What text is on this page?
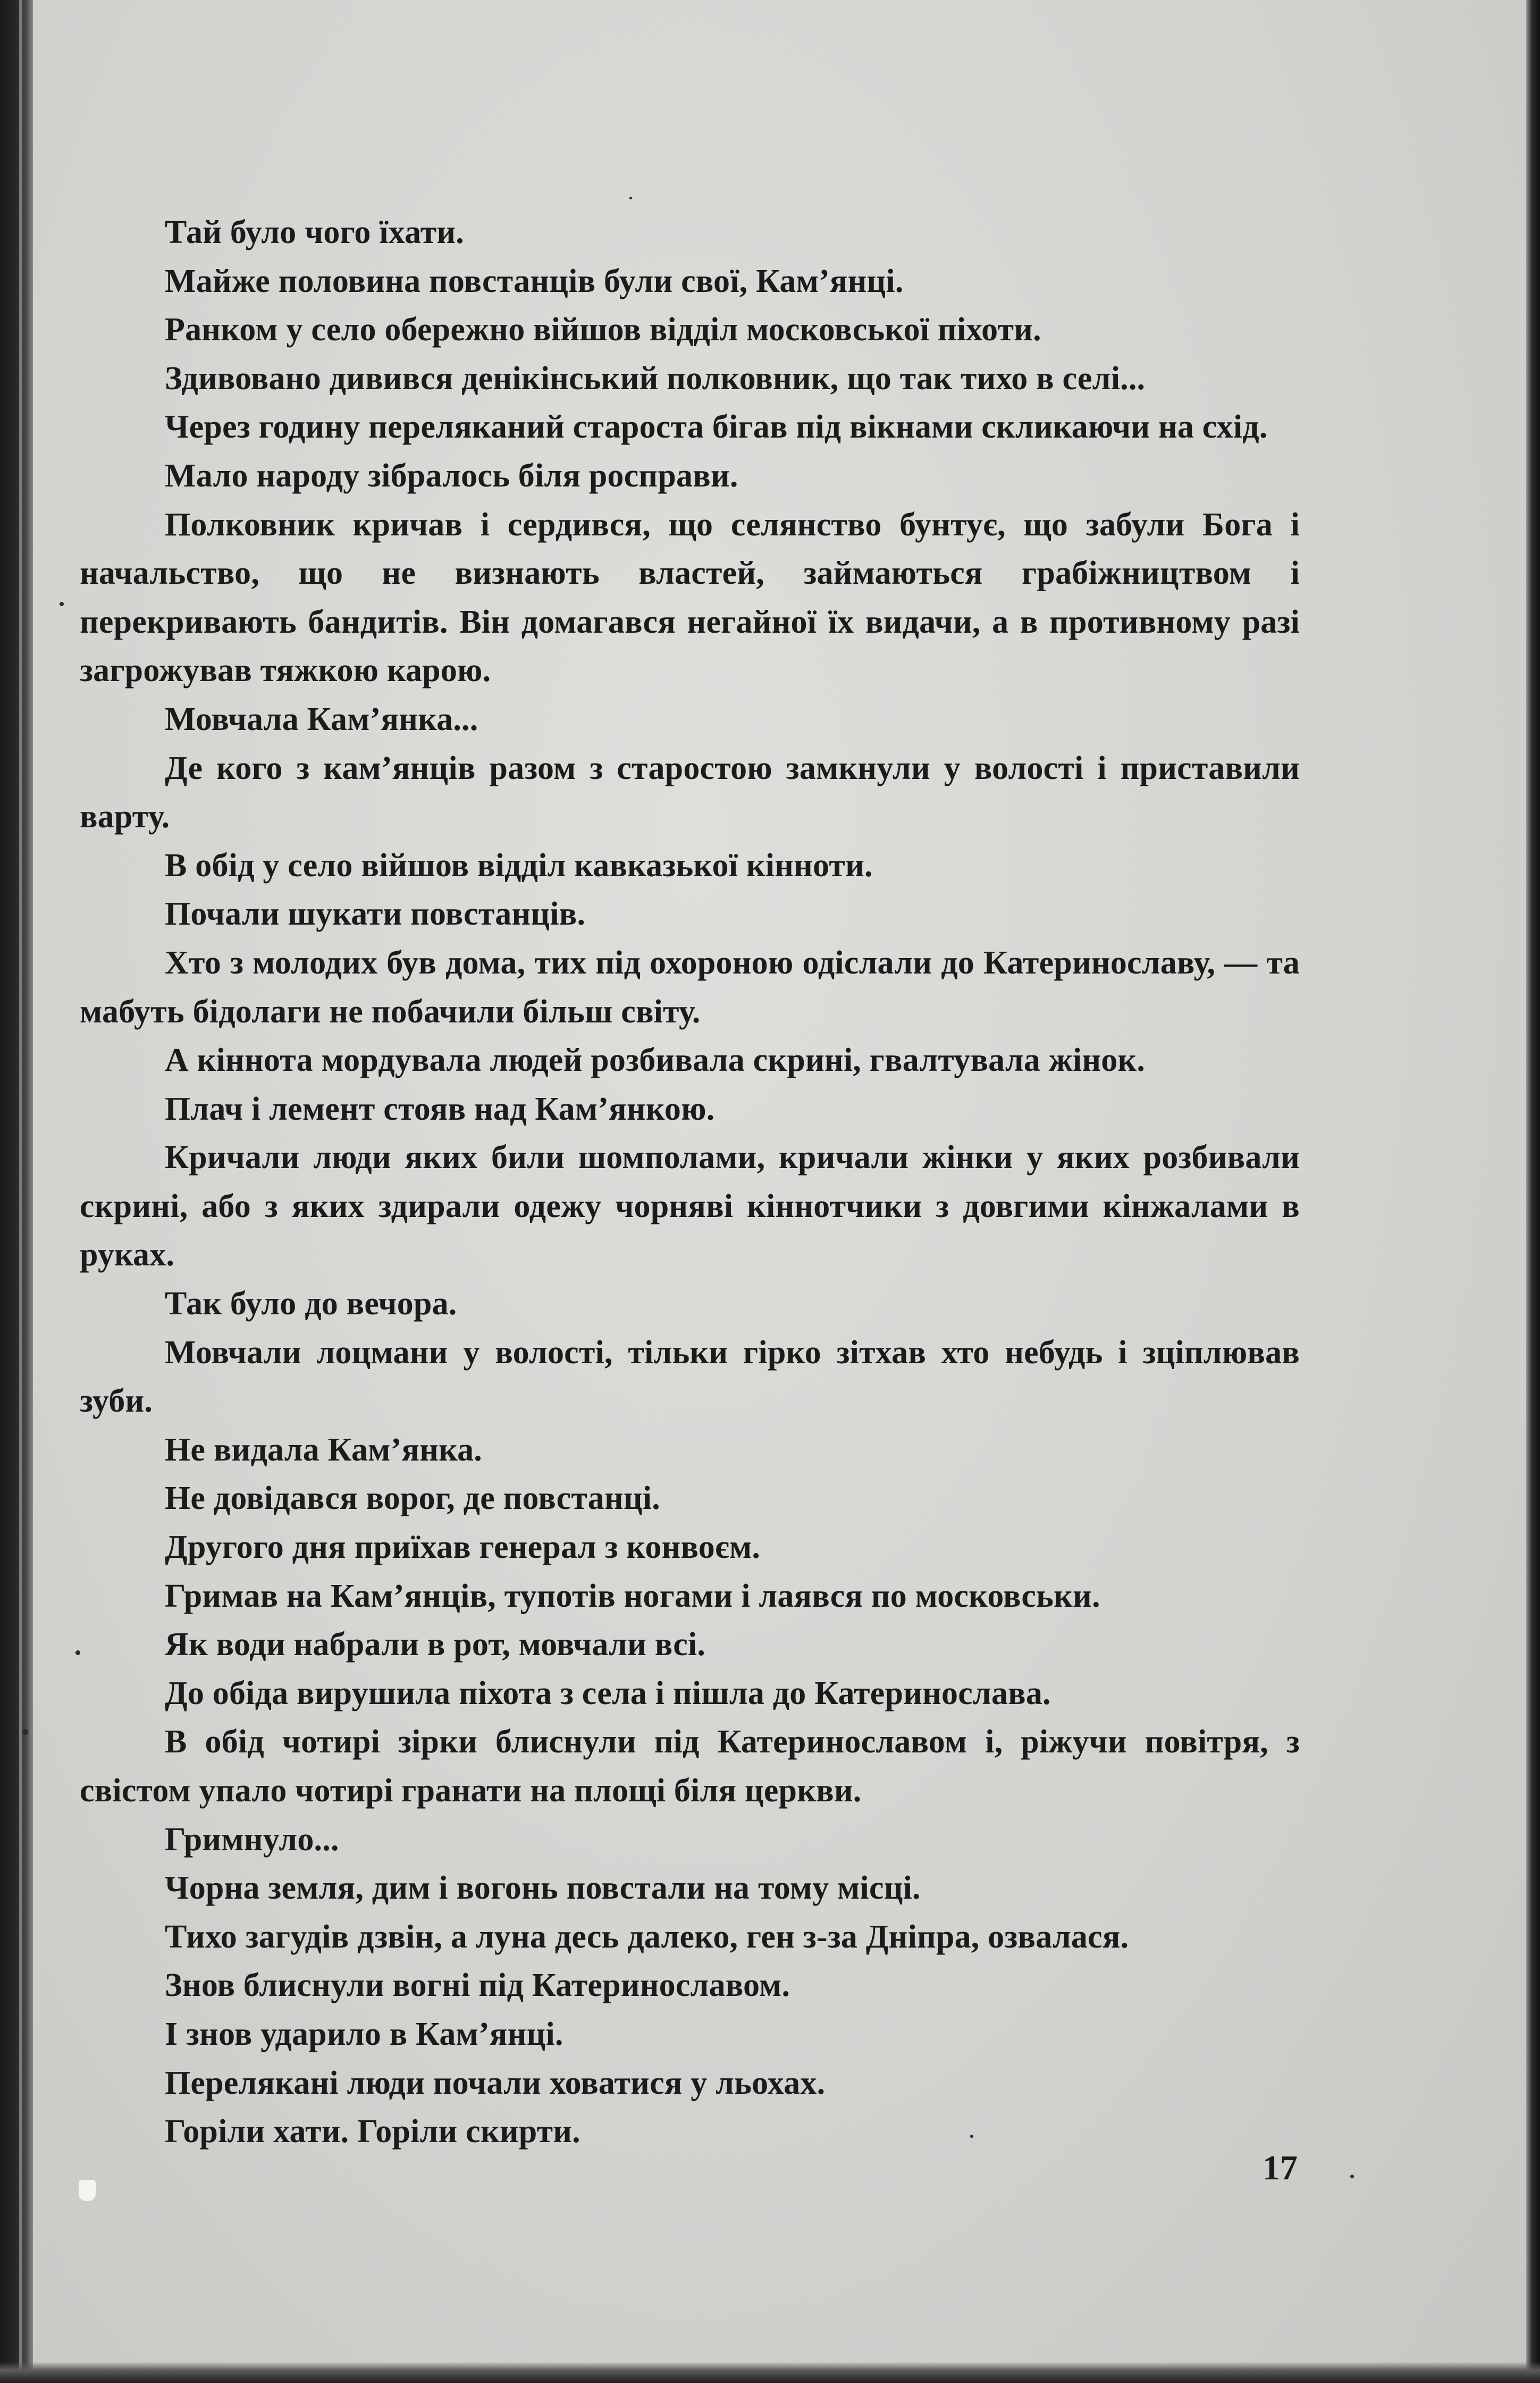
Тай було чого їхати.

Майже половина повстанців були свої, Кам’янці.

Ранком у село обережно війшов відділ московської піхоти.

Здивовано дивився денікінський полковник, що так тихо в селі...

Через годину переляканий староста бігав під вікнами скликаючи на схід.

Мало народу зібралось біля росправи.

Полковник кричав і сердився, що селянство бунтує, що забули Бога і начальство, що не визнають властей, займаються грабіжництвом і перекривають бандитів. Він домагався негайної їх видачи, а в противному разі загрожував тяжкою карою.

Мовчала Кам’янка...

Де кого з кам’янців разом з старостою замкнули у волості і приставили варту.

В обід у село війшов відділ кавказької кінноти.

Почали шукати повстанців.

Хто з молодих був дома, тих під охороною одіслали до Катеринославу, — та мабуть бідолаги не побачили більш світу.

А кіннота мордувала людей розбивала скрині, гвалтувала жінок.

Плач і лемент стояв над Кам’янкою.

Кричали люди яких били шомполами, кричали жінки у яких розбивали скрині, або з яких здирали одежу чорняві кіннотчики з довгими кінжалами в руках.

Так було до вечора.

Мовчали лоцмани у волості, тільки гірко зітхав хто небудь і зціплював зуби.

Не видала Кам’янка.

Не довідався ворог, де повстанці.

Другого дня приїхав генерал з конвоєм.

Гримав на Кам’янців, тупотів ногами і лаявся по московськи.

Як води набрали в рот, мовчали всі.

До обіда вирушила піхота з села і пішла до Катеринослава.

В обід чотирі зірки блиснули під Катеринославом і, ріжучи повітря, з свістом упало чотирі гранати на площі біля церкви.

Гримнуло...

Чорна земля, дим і вогонь повстали на тому місці.

Тихо загудів дзвін, а луна десь далеко, ген з-за Дніпра, озвалася.

Знов блиснули вогні під Катеринославом.

І знов ударило в Кам’янці.

Перелякані люди почали ховатися у льохах.

Горіли хати. Горіли скирти.

17
